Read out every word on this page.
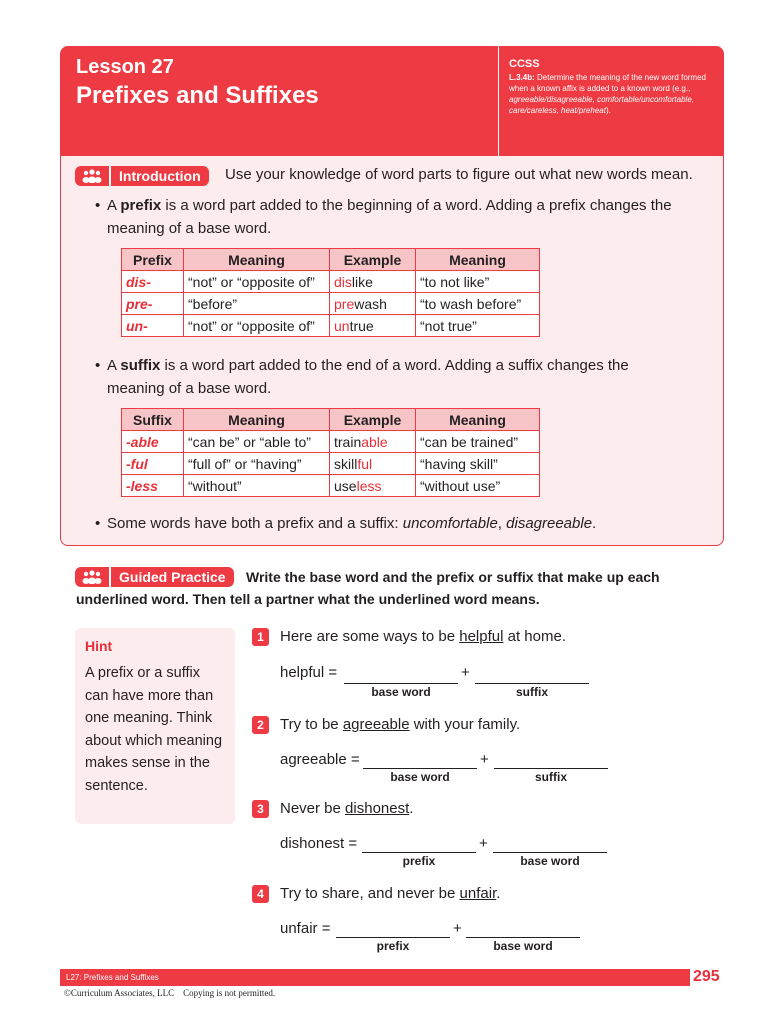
Lesson 27
Prefixes and Suffixes
CCSS
L.3.4b: Determine the meaning of the new word formed when a known affix is added to a known word (e.g., agreeable/disagreeable, comfortable/uncomfortable, care/careless, heat/preheat).
Introduction	Use your knowledge of word parts to figure out what new words mean.
• A prefix is a word part added to the beginning of a word. Adding a prefix changes the meaning of a base word.
Prefix	Meaning	Example	Meaning
dis-	“not” or “opposite of”	dislike	“to not like”
pre-	“before”	prewash	“to wash before”
un-	“not” or “opposite of”	untrue	“not true”
• A suffix is a word part added to the end of a word. Adding a suffix changes the meaning of a base word.
Suffix	Meaning	Example	Meaning
-able	“can be” or “able to”	trainable	“can be trained”
-ful	“full of” or “having”	skillful	“having skill”
-less	“without”	useless	“without use”
• Some words have both a prefix and a suffix: uncomfortable, disagreeable.
Guided Practice	Write the base word and the prefix or suffix that make up each underlined word. Then tell a partner what the underlined word means.
Hint
A prefix or a suffix can have more than one meaning. Think about which meaning makes sense in the sentence.
1	Here are some ways to be helpful at home.
helpful =
base word
+
suffix
2	Try to be agreeable with your family.
agreeable =
base word
+
suffix
3	Never be dishonest.
dishonest =
prefix
+
base word
4	Try to share, and never be unfair.
unfair =
prefix
+
base word
L27: Prefixes and Suffixes	295
©Curriculum Associates, LLC    Copying is not permitted.
